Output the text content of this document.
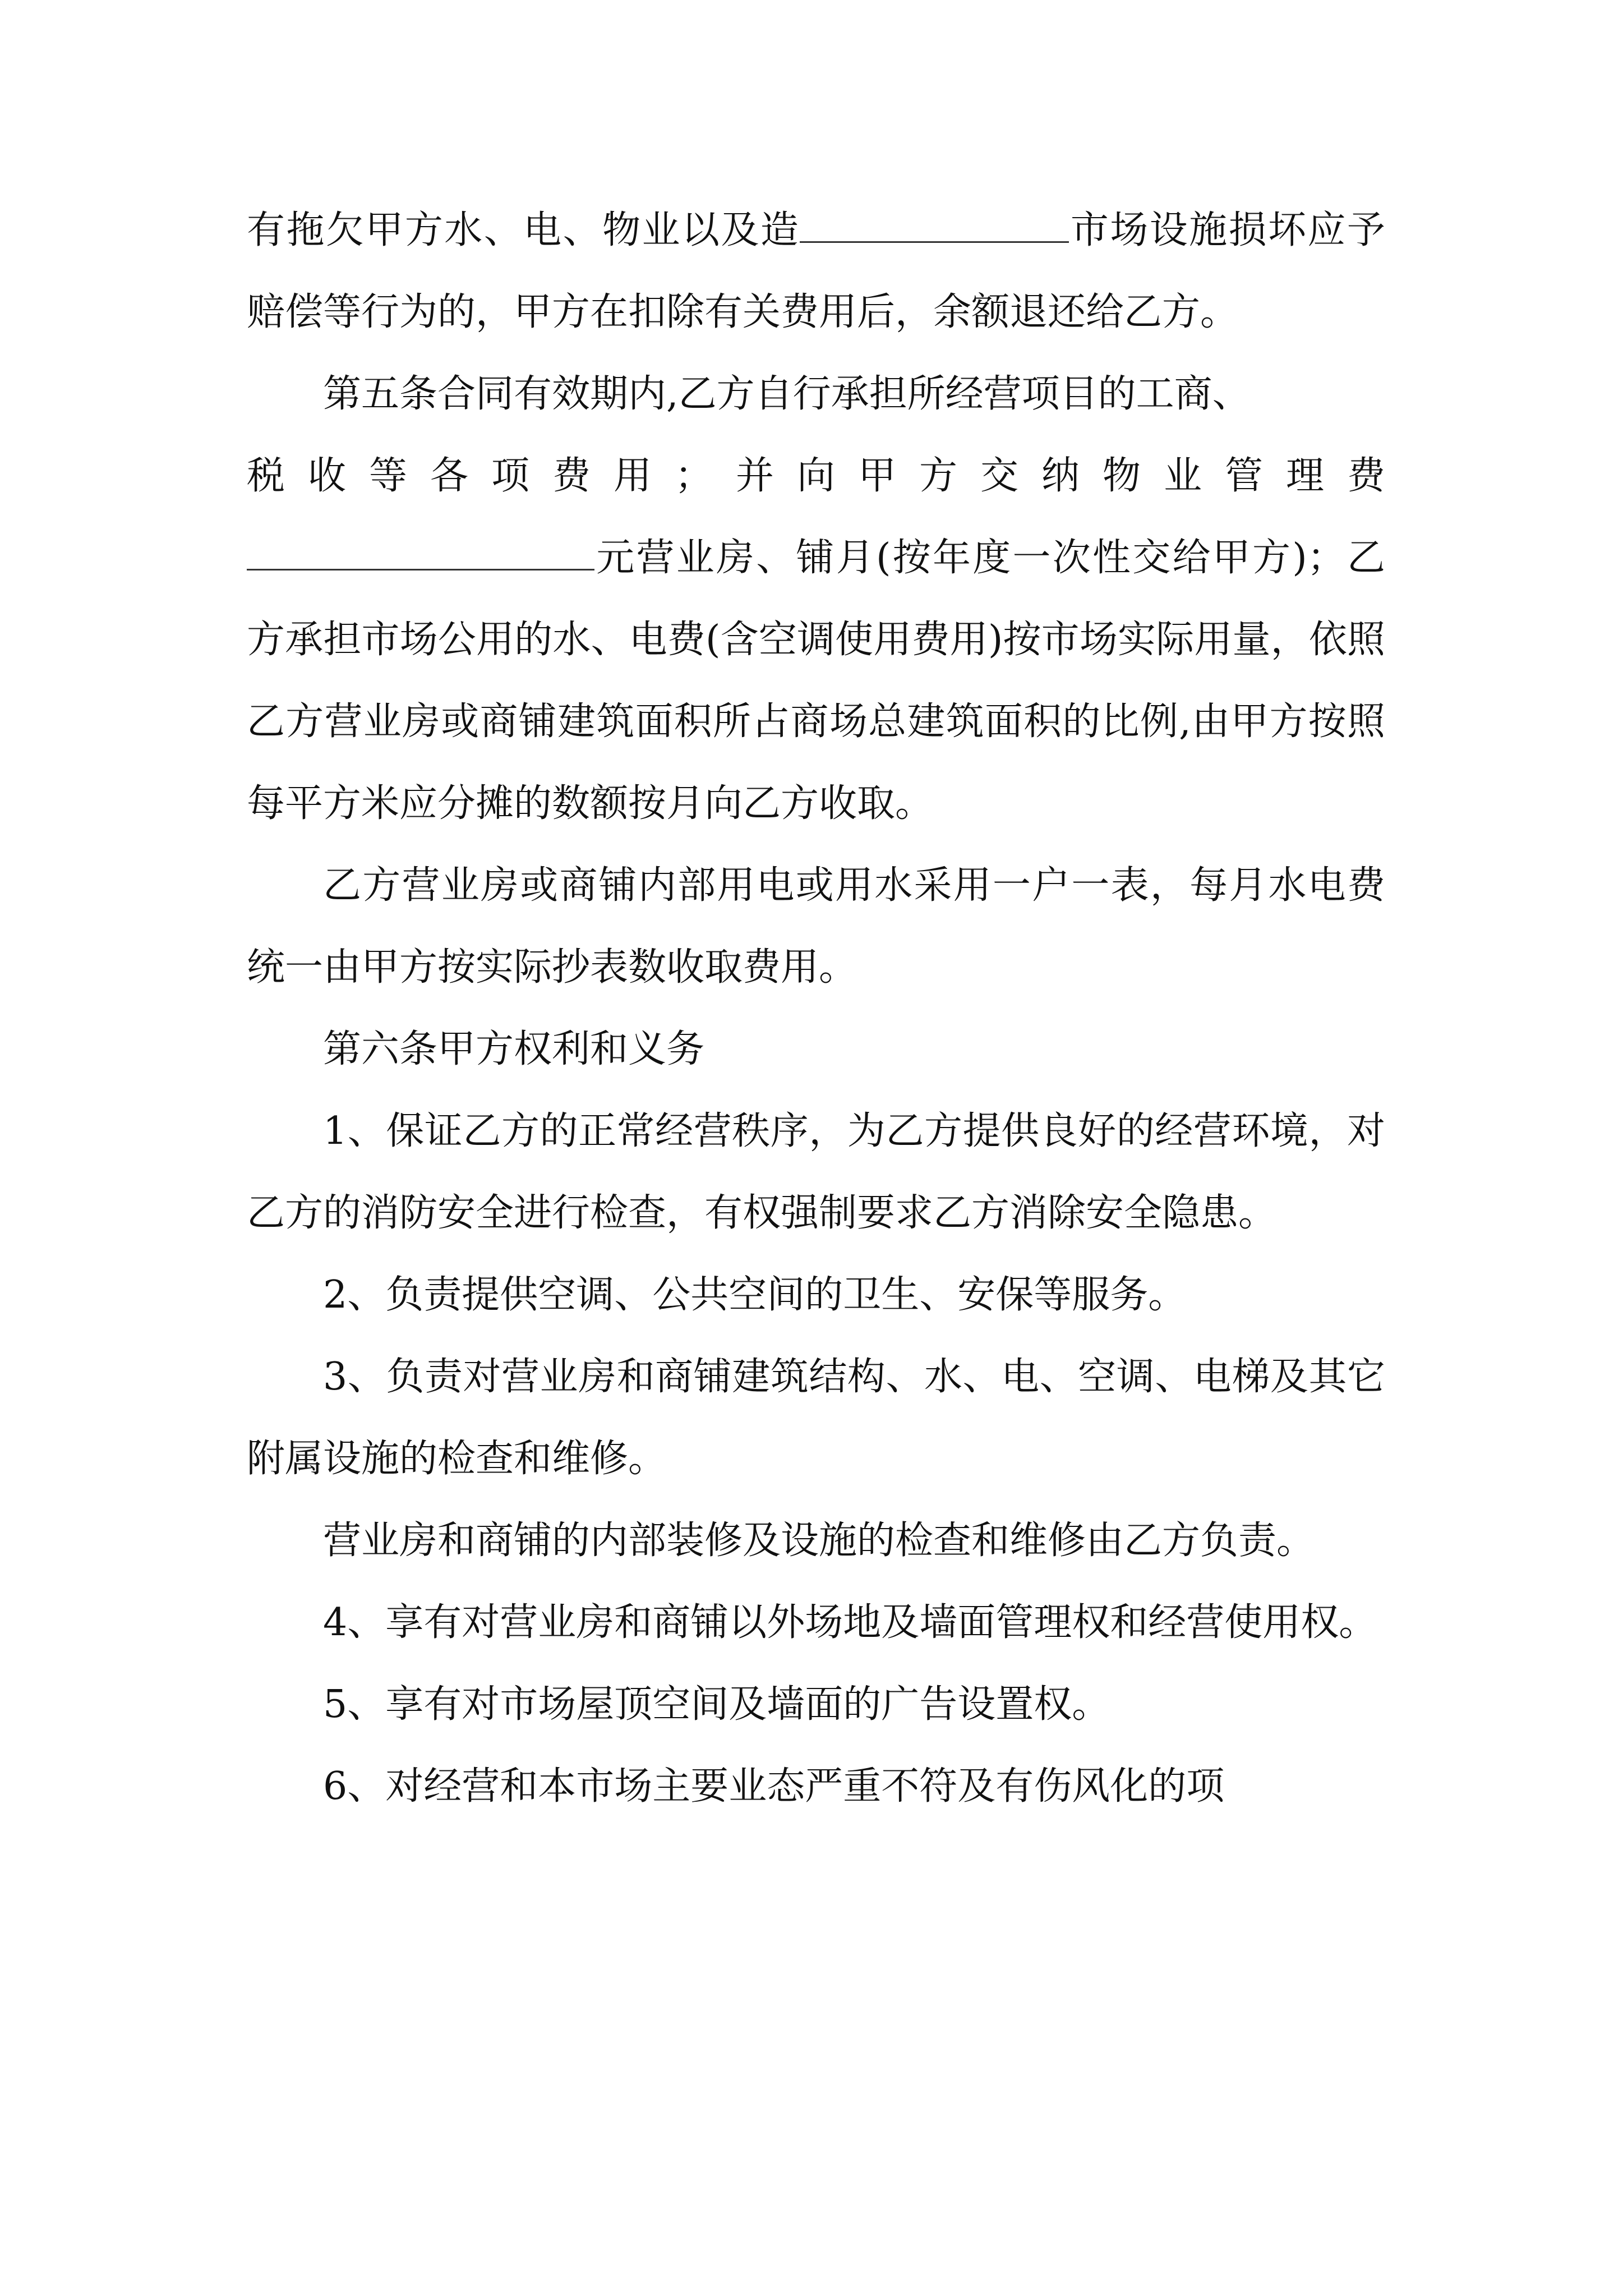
有拖欠甲方水、电、物业以及造	市场设施损坏应予赔偿等行为的，甲方在扣除有关费用后，余额退还给乙方。

第五条合同有效期内,乙方自行承担所经营项目的工商、

税收等各项费用；并向甲方交纳物业管理费

元营业房、铺月(按年度一次性交给甲方)；乙方承担市场公用的水、电费(含空调使用费用)按市场实际用量，依照乙方营业房或商铺建筑面积所占商场总建筑面积的比例,由甲方按照每平方米应分摊的数额按月向乙方收取。

乙方营业房或商铺内部用电或用水采用一户一表，每月水电费统一由甲方按实际抄表数收取费用。

第六条甲方权利和义务

1、保证乙方的正常经营秩序，为乙方提供良好的经营环境，对乙方的消防安全进行检查，有权强制要求乙方消除安全隐患。

2、负责提供空调、公共空间的卫生、安保等服务。

3、负责对营业房和商铺建筑结构、水、电、空调、电梯及其它附属设施的检查和维修。

营业房和商铺的内部装修及设施的检查和维修由乙方负责。

4、享有对营业房和商铺以外场地及墙面管理权和经营使用权。

5、享有对市场屋顶空间及墙面的广告设置权。

6、对经营和本市场主要业态严重不符及有伤风化的项
